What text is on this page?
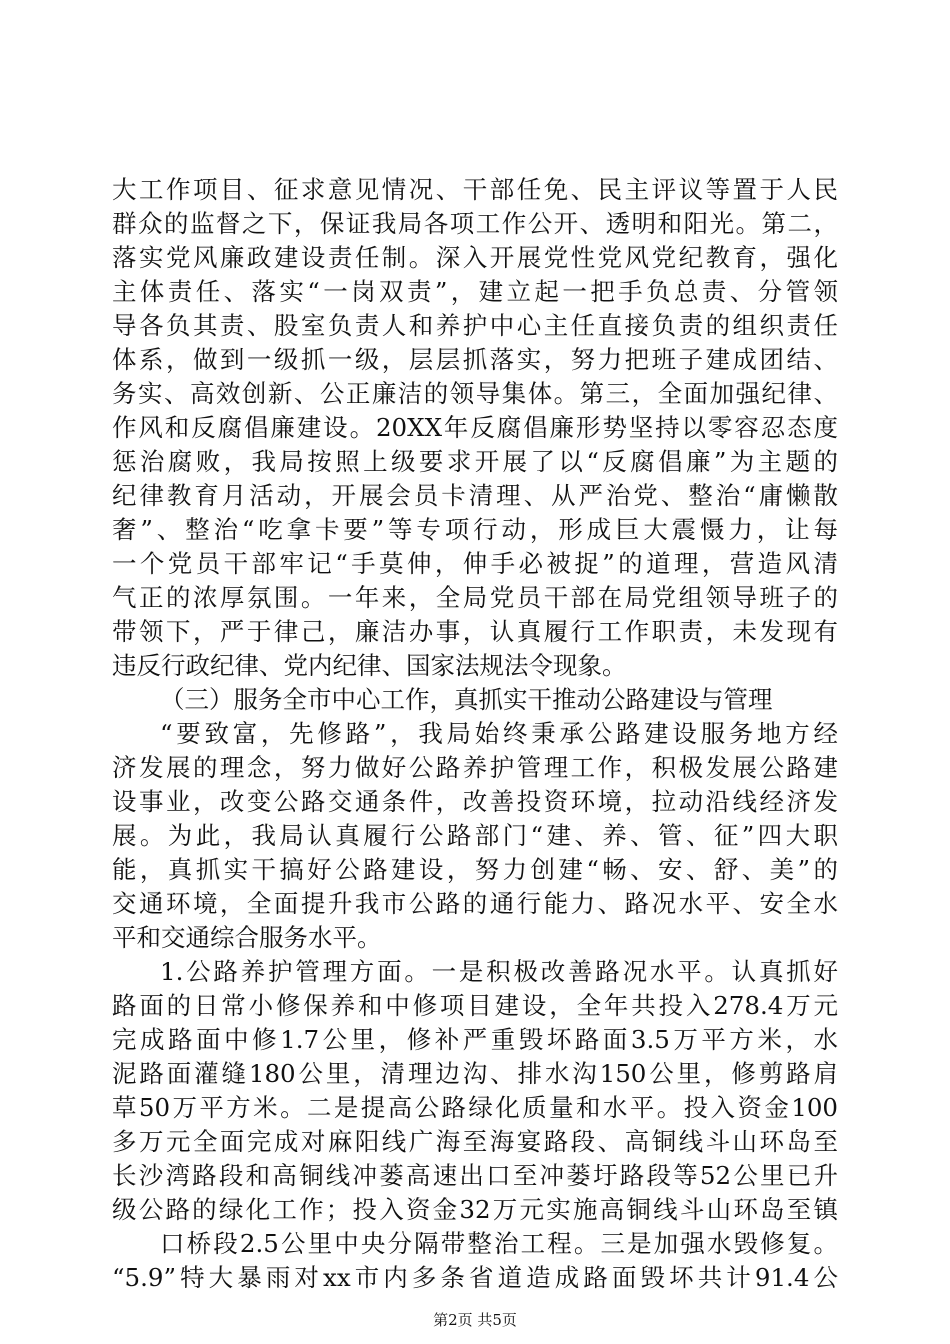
大工作项目、征求意见情况、干部任免、民主评议等置于人民
群众的监督之下，保证我局各项工作公开、透明和阳光。第二，
落实党风廉政建设责任制。深入开展党性党风党纪教育，强化
主体责任、落实“一岗双责”，建立起一把手负总责、分管领
导各负其责、股室负责人和养护中心主任直接负责的组织责任
体系，做到一级抓一级，层层抓落实，努力把班子建成团结、
务实、高效创新、公正廉洁的领导集体。第三，全面加强纪律、
作风和反腐倡廉建设。20XX年反腐倡廉形势坚持以零容忍态度
惩治腐败，我局按照上级要求开展了以“反腐倡廉”为主题的
纪律教育月活动，开展会员卡清理、从严治党、整治“庸懒散
奢”、整治“吃拿卡要”等专项行动，形成巨大震慑力，让每
一个党员干部牢记“手莫伸，伸手必被捉”的道理，营造风清
气正的浓厚氛围。一年来，全局党员干部在局党组领导班子的
带领下，严于律己，廉洁办事，认真履行工作职责，未发现有
违反行政纪律、党内纪律、国家法规法令现象。
（三）服务全市中心工作，真抓实干推动公路建设与管理
“要致富，先修路”，我局始终秉承公路建设服务地方经
济发展的理念，努力做好公路养护管理工作，积极发展公路建
设事业，改变公路交通条件，改善投资环境，拉动沿线经济发
展。为此，我局认真履行公路部门“建、养、管、征”四大职
能，真抓实干搞好公路建设，努力创建“畅、安、舒、美”的
交通环境，全面提升我市公路的通行能力、路况水平、安全水
平和交通综合服务水平。
1.公路养护管理方面。一是积极改善路况水平。认真抓好
路面的日常小修保养和中修项目建设，全年共投入278.4万元
完成路面中修1.7公里，修补严重毁坏路面3.5万平方米，水
泥路面灌缝180公里，清理边沟、排水沟150公里，修剪路肩
草50万平方米。二是提高公路绿化质量和水平。投入资金100
多万元全面完成对麻阳线广海至海宴路段、高铜线斗山环岛至
长沙湾路段和高铜线冲蒌高速出口至冲蒌圩路段等52公里已升
级公路的绿化工作；投入资金32万元实施高铜线斗山环岛至镇
口桥段2.5公里中央分隔带整治工程。三是加强水毁修复。
“5.9”特大暴雨对xx市内多条省道造成路面毁坏共计91.4公
第2页 共5页
